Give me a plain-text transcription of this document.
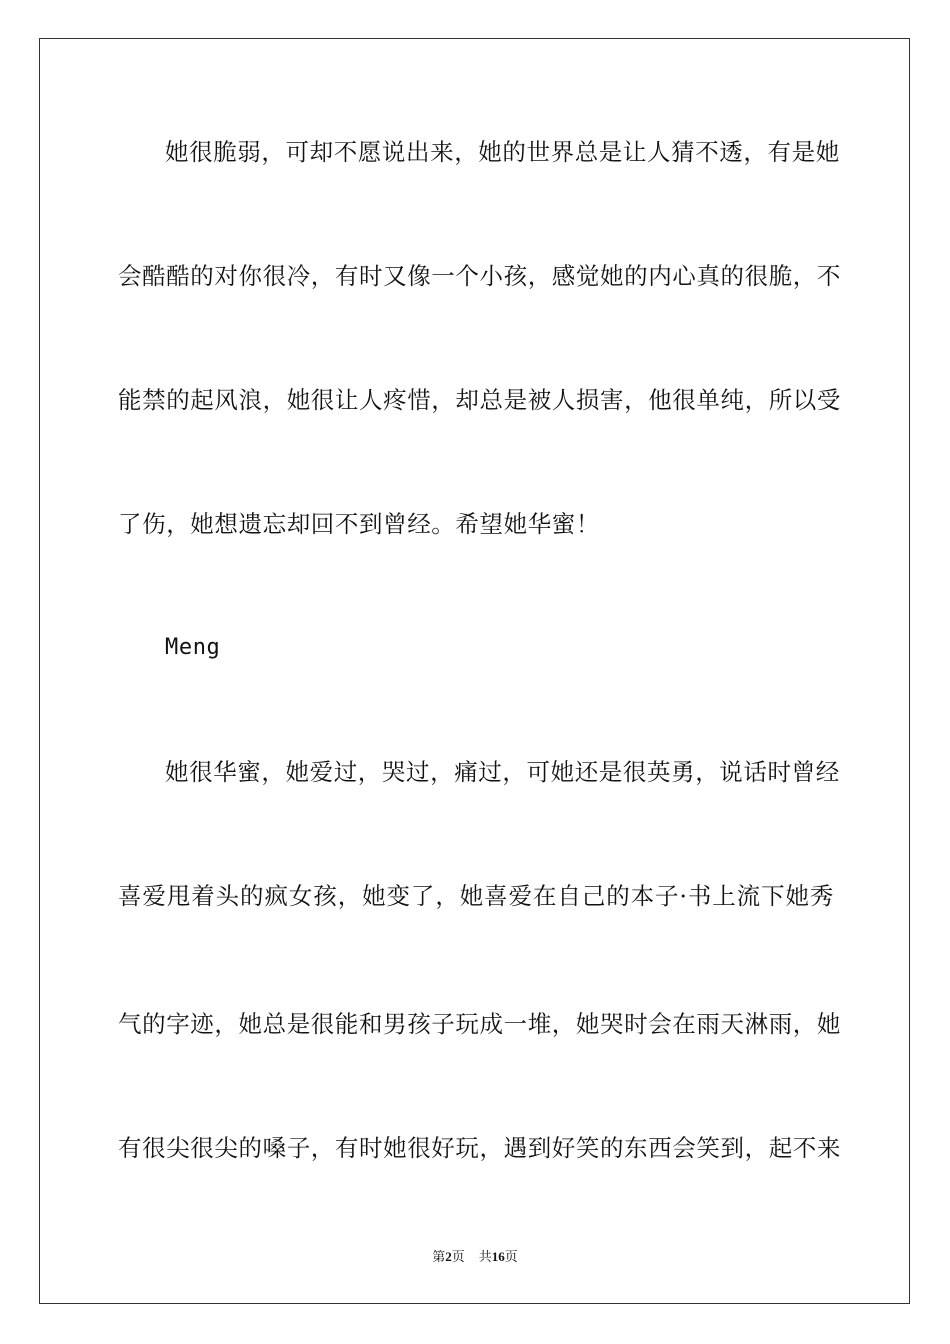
她很脆弱，可却不愿说出来，她的世界总是让人猜不透，有是她
会酷酷的对你很冷，有时又像一个小孩，感觉她的内心真的很脆，不
能禁的起风浪，她很让人疼惜，却总是被人损害，他很单纯，所以受
了伤，她想遗忘却回不到曾经。希望她华蜜！
Meng
她很华蜜，她爱过，哭过，痛过，可她还是很英勇，说话时曾经
喜爱甩着头的疯女孩，她变了，她喜爱在自己的本子·书上流下她秀
气的字迹，她总是很能和男孩子玩成一堆，她哭时会在雨天淋雨，她
有很尖很尖的嗓子，有时她很好玩，遇到好笑的东西会笑到，起不来
第2页 共16页
